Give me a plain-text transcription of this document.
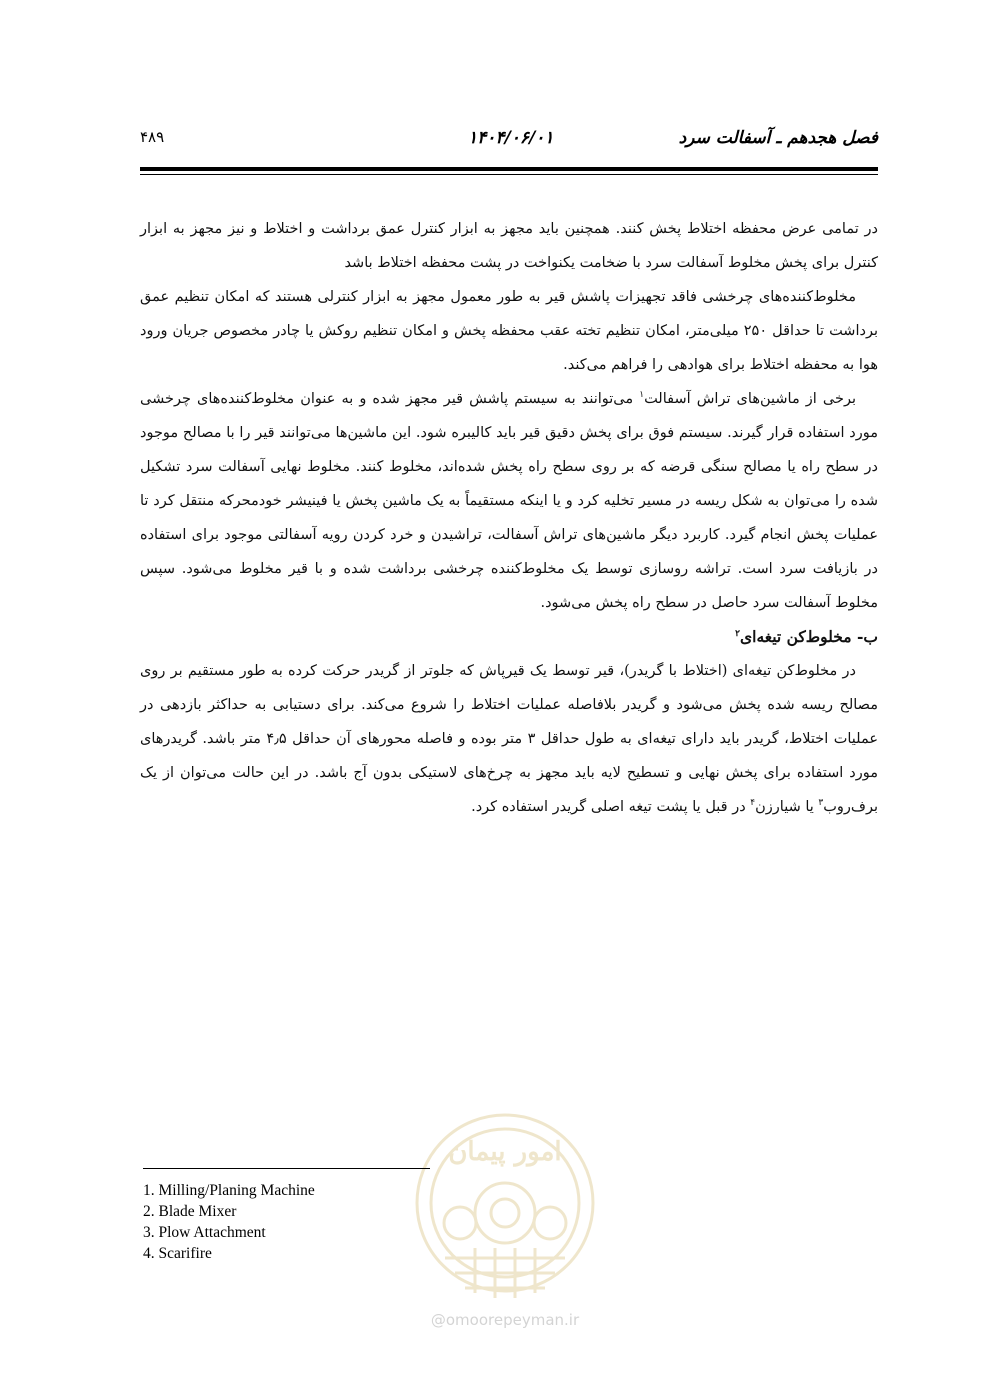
فصل هجدهم ـ آسفالت سرد
۱۴۰۴/۰۶/۰۱
۴۸۹

در تمامی عرض محفظه اختلاط پخش کنند. همچنین باید مجهز به ابزار کنترل عمق برداشت و اختلاط و نیز مجهز به ابزار کنترل برای پخش مخلوط آسفالت سرد با ضخامت یکنواخت در پشت محفظه اختلاط باشد

مخلوط‌کننده‌های چرخشی فاقد تجهیزات پاشش قیر به طور معمول مجهز به ابزار کنترلی هستند که امکان تنظیم عمق برداشت تا حداقل ۲۵۰ میلی‌متر، امکان تنظیم تخته عقب محفظه پخش و امکان تنظیم روکش یا چادر مخصوص جریان ورود هوا به محفظه اختلاط برای هوادهی را فراهم می‌کند.

برخی از ماشین‌های تراش آسفالت$^۱$ می‌توانند به سیستم پاشش قیر مجهز شده و به عنوان مخلوط‌کننده‌های چرخشی مورد استفاده قرار گیرند. سیستم فوق برای پخش دقیق قیر باید کالیبره شود. این ماشین‌ها می‌توانند قیر را با مصالح موجود در سطح راه یا مصالح سنگی قرضه که بر روی سطح راه پخش شده‌اند، مخلوط کنند. مخلوط نهایی آسفالت سرد تشکیل شده را می‌توان به شکل ریسه در مسیر تخلیه کرد و یا اینکه مستقیماً به یک ماشین پخش یا فینیشر خودمحرکه منتقل کرد تا عملیات پخش انجام گیرد. کاربرد دیگر ماشین‌های تراش آسفالت، تراشیدن و خرد کردن رویه آسفالتی موجود برای استفاده در بازیافت سرد است. تراشه روسازی توسط یک مخلوط‌کننده چرخشی برداشت شده و با قیر مخلوط می‌شود. سپس مخلوط آسفالت سرد حاصل در سطح راه پخش می‌شود.

ب- مخلوط‌کن تیغه‌ای$^۲$

در مخلوط‌کن تیغه‌ای (اختلاط با گریدر)، قیر توسط یک قیرپاش که جلوتر از گریدر حرکت کرده به طور مستقیم بر روی مصالح ریسه شده پخش می‌شود و گریدر بلافاصله عملیات اختلاط را شروع می‌کند. برای دستیابی به حداکثر بازدهی در عملیات اختلاط، گریدر باید دارای تیغه‌ای به طول حداقل ۳ متر بوده و فاصله محورهای آن حداقل ۴٫۵ متر باشد. گریدرهای مورد استفاده برای پخش نهایی و تسطیح لایه باید مجهز به چرخ‌های لاستیکی بدون آج باشد. در این حالت می‌توان از یک برف‌روب$^۳$ یا شیارزن$^۴$ در قبل یا پشت تیغه اصلی گریدر استفاده کرد.

امور پیمان
@omoorepeyman.ir
1. Milling/Planing Machine
2. Blade Mixer
3. Plow Attachment
4. Scarifire
